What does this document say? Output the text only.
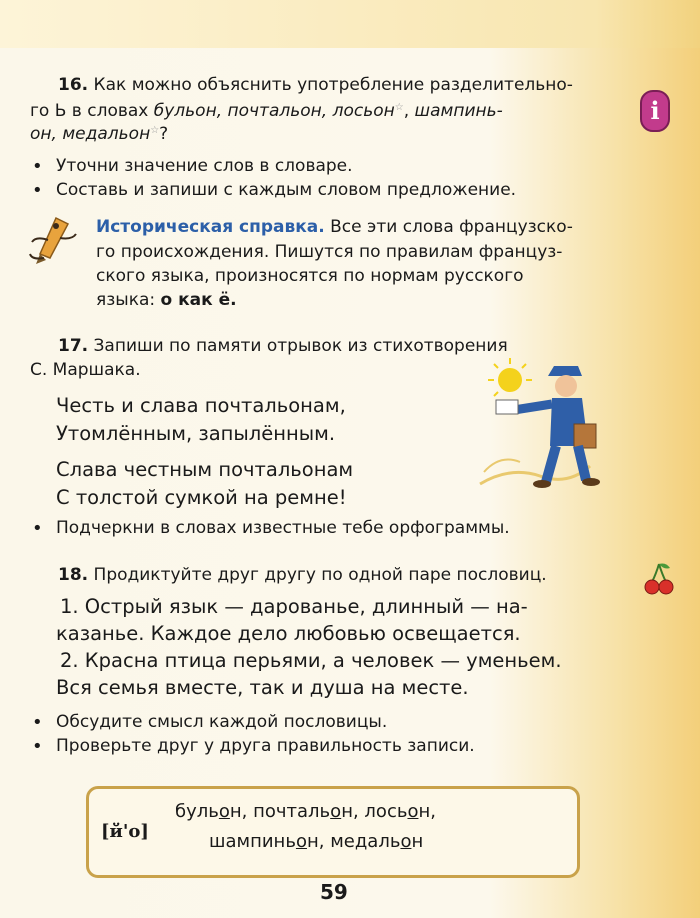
16. Как можно объяснить употребление разделительно-
го Ь в словах бульон, почтальон, лосьон☆, шампинь-
он, медальон☆?
i
• Уточни значение слов в словаре.
• Составь и запиши с каждым словом предложение.
Историческая справка. Все эти слова французско-
го происхождения. Пишутся по правилам француз-
ского языка, произносятся по нормам русского
языка: о как ё.
17. Запиши по памяти отрывок из стихотворения
С. Маршака.
Честь и слава почтальонам,
Утомлённым, запылённым.
Слава честным почтальонам
С толстой сумкой на ремне!
• Подчеркни в словах известные тебе орфограммы.
18. Продиктуйте друг другу по одной паре пословиц.
1. Острый язык — дарованье, длинный — на-
казанье. Каждое дело любовью освещается.
2. Красна птица перьями, а человек — уменьем.
Вся семья вместе, так и душа на месте.
• Обсудите смысл каждой пословицы.
• Проверьте друг у друга правильность записи.
[й'о]
бульон, почтальон, лосьон,
шампиньон, медальон
59
